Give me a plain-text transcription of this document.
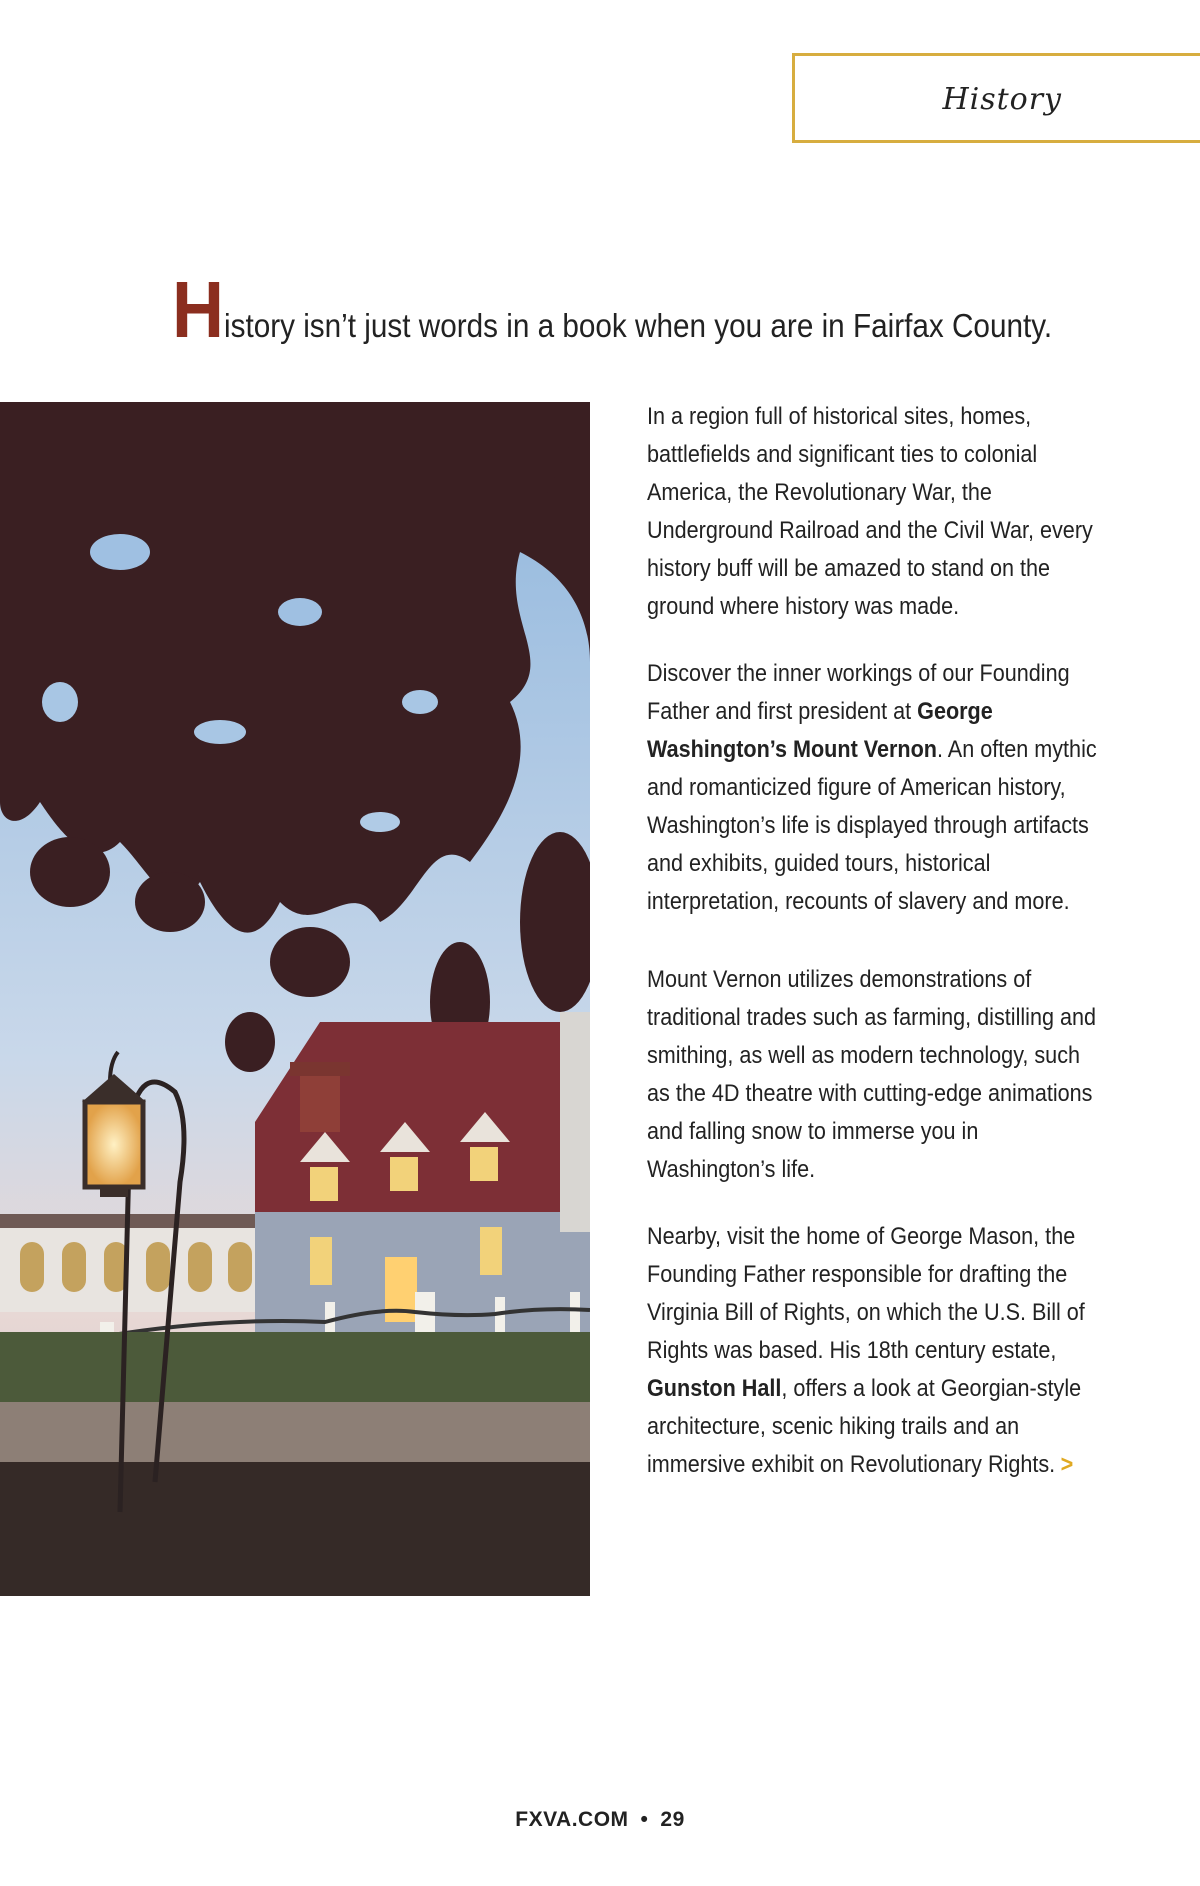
History
History isn’t just words in a book when you are in Fairfax County.

In a region full of historical sites, homes, battlefields and significant ties to colonial America, the Revolutionary War, the Underground Railroad and the Civil War, every history buff will be amazed to stand on the ground where history was made.

Discover the inner workings of our Founding Father and first president at George Washington’s Mount Vernon. An often mythic and romanticized figure of American history, Washington’s life is displayed through artifacts and exhibits, guided tours, historical interpretation, recounts of slavery and more.

Mount Vernon utilizes demonstrations of traditional trades such as farming, distilling and smithing, as well as modern technology, such as the 4D theatre with cutting-edge animations and falling snow to immerse you in Washington’s life.

Nearby, visit the home of George Mason, the Founding Father responsible for drafting the Virginia Bill of Rights, on which the U.S. Bill of Rights was based. His 18th century estate, Gunston Hall, offers a look at Georgian-style architecture, scenic hiking trails and an immersive exhibit on Revolutionary Rights. >

FXVA.COM • 29
